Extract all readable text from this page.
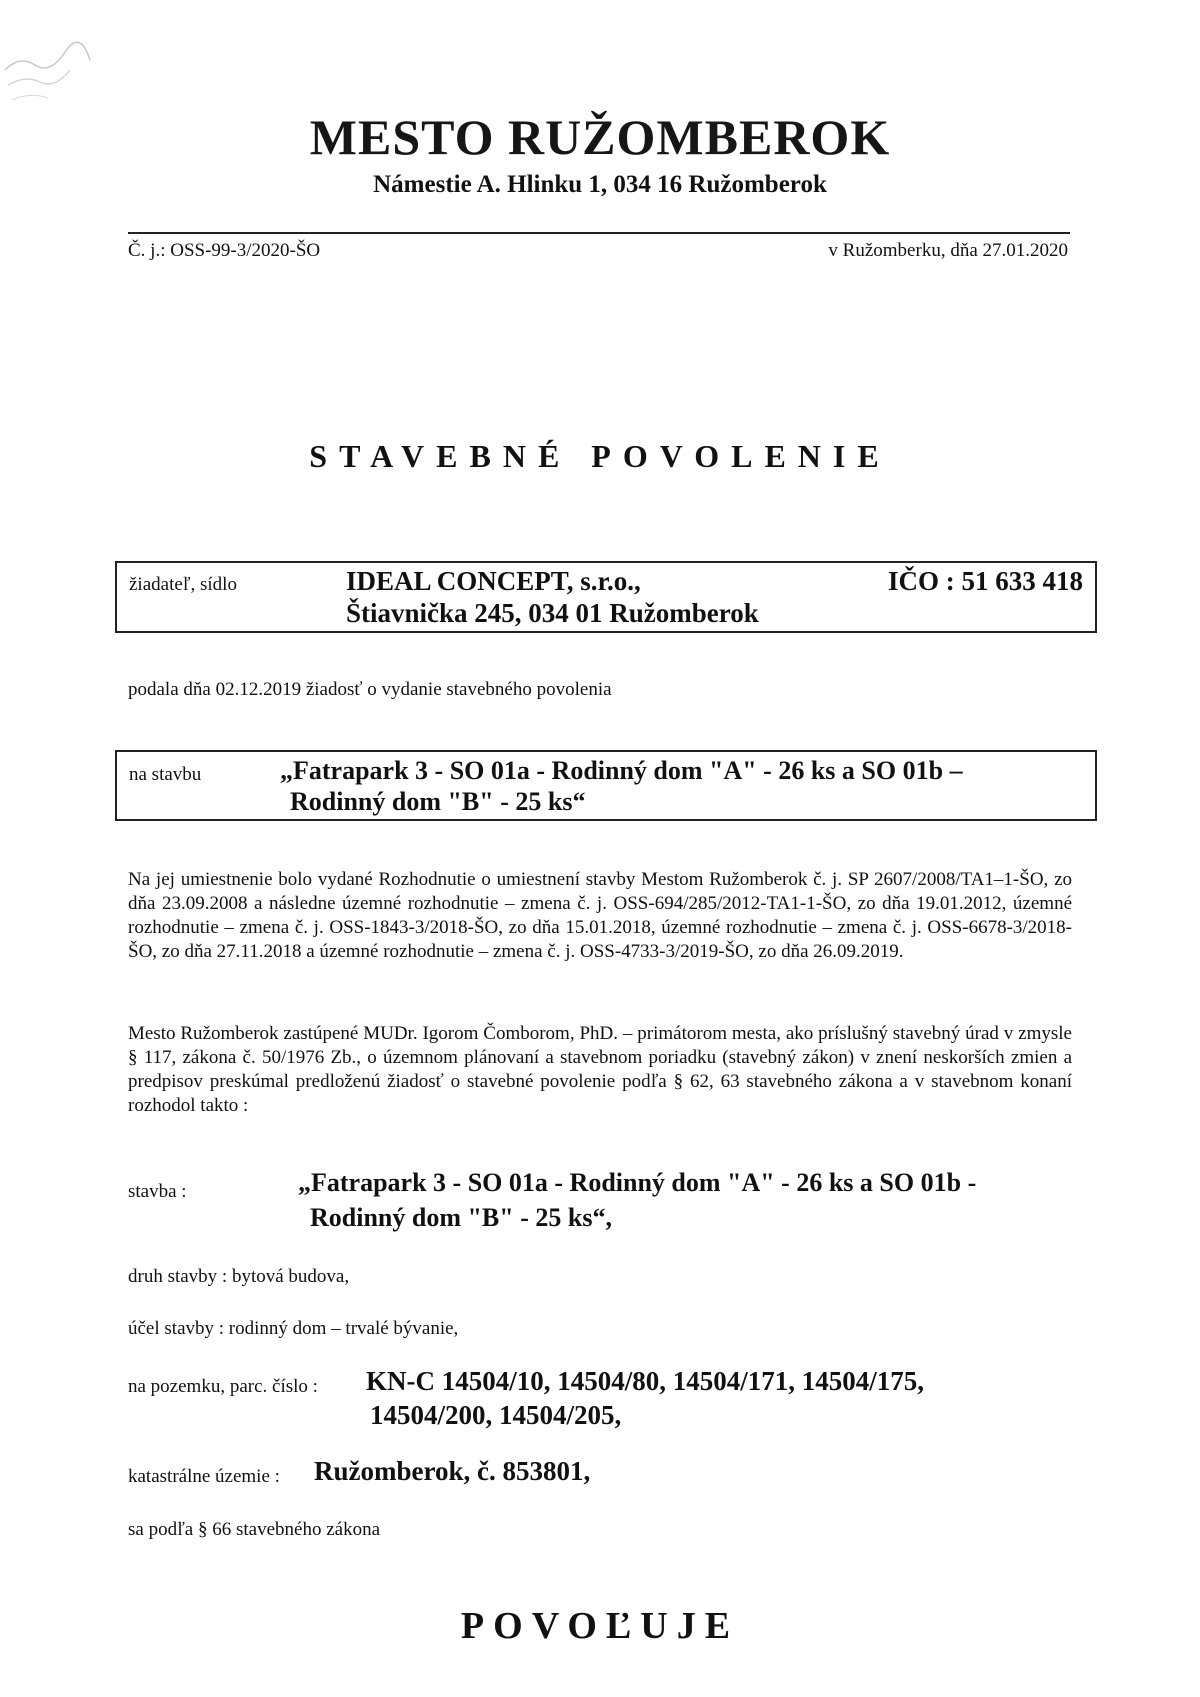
MESTO RUŽOMBEROK
Námestie A. Hlinku 1, 034 16 Ružomberok
Č. j.: OSS-99-3/2020-ŠO	v Ružomberku, dňa 27.01.2020
STAVEBNÉ POVOLENIE
žiadateľ, sídlo	IDEAL CONCEPT, s.r.o.,
Štiavnička 245, 034 01 Ružomberok
IČO : 51 633 418
podala dňa 02.12.2019 žiadosť o vydanie stavebného povolenia
na stavbu	„Fatrapark 3 - SO 01a - Rodinný dom "A" - 26 ks a SO 01b –
Rodinný dom "B" - 25 ks“
Na jej umiestnenie bolo vydané Rozhodnutie o umiestnení stavby Mestom Ružomberok č. j. SP 2607/2008/TA1–1-ŠO, zo dňa 23.09.2008 a následne územné rozhodnutie – zmena č. j. OSS-694/285/2012-TA1-1-ŠO, zo dňa 19.01.2012, územné rozhodnutie – zmena č. j. OSS-1843-3/2018-ŠO, zo dňa 15.01.2018, územné rozhodnutie – zmena č. j. OSS-6678-3/2018-ŠO, zo dňa 27.11.2018 a územné rozhodnutie – zmena č. j. OSS-4733-3/2019-ŠO, zo dňa 26.09.2019.
Mesto Ružomberok zastúpené MUDr. Igorom Čomborom, PhD. – primátorom mesta, ako príslušný stavebný úrad v zmysle § 117, zákona č. 50/1976 Zb., o územnom plánovaní a stavebnom poriadku (stavebný zákon) v znení neskorších zmien a predpisov preskúmal predloženú žiadosť o stavebné povolenie podľa § 62, 63 stavebného zákona a v stavebnom konaní rozhodol takto :
stavba :	„Fatrapark 3 - SO 01a - Rodinný dom "A" - 26 ks a SO 01b -
Rodinný dom "B" - 25 ks“,
druh stavby : bytová budova,
účel stavby : rodinný dom – trvalé bývanie,
na pozemku, parc. číslo : KN-C 14504/10, 14504/80, 14504/171, 14504/175,
14504/200, 14504/205,
katastrálne územie : Ružomberok, č. 853801,
sa podľa § 66 stavebného zákona
POVOĽUJE
